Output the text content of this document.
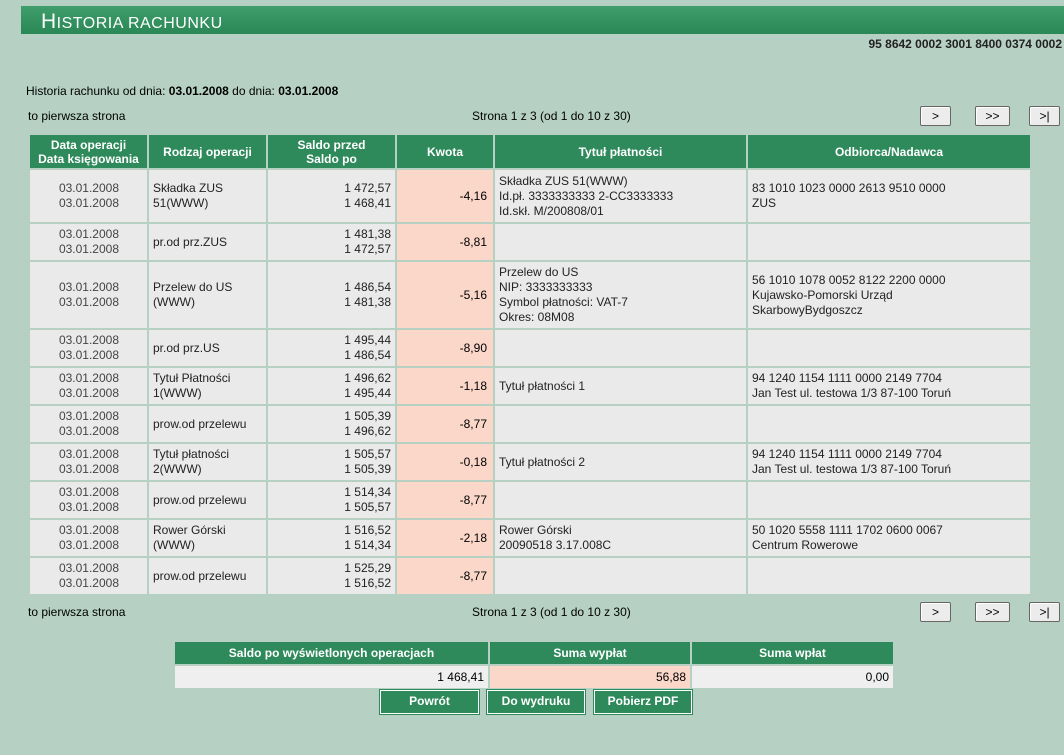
HISTORIA RACHUNKU
95 8642 0002 3001 8400 0374 0002
Historia rachunku od dnia: 03.01.2008 do dnia: 03.01.2008
to pierwsza strona	Strona 1 z 3 (od 1 do 10 z 30)	>	>>	>|
Data operacji
Data księgowania	Rodzaj operacji	Saldo przed
Saldo po	Kwota	Tytuł płatności	Odbiorca/Nadawca

03.01.2008
03.01.2008	Składka ZUS
51(WWW)	1 472,57
1 468,41	-4,16	Składka ZUS 51(WWW)
Id.pł. 3333333333 2-CC3333333
Id.skł. M/200808/01	83 1010 1023 0000 2613 9510 0000
ZUS

03.01.2008
03.01.2008	pr.od prz.ZUS	1 481,38
1 472,57	-8,81		

03.01.2008
03.01.2008	Przelew do US
(WWW)	1 486,54
1 481,38	-5,16	Przelew do US
NIP: 3333333333
Symbol płatności: VAT-7
Okres: 08M08	56 1010 1078 0052 8122 2200 0000
Kujawsko-Pomorski Urząd
SkarbowyBydgoszcz

03.01.2008
03.01.2008	pr.od prz.US	1 495,44
1 486,54	-8,90		

03.01.2008
03.01.2008	Tytuł Płatności
1(WWW)	1 496,62
1 495,44	-1,18	Tytuł płatności 1	94 1240 1154 1111 0000 2149 7704
Jan Test ul. testowa 1/3 87-100 Toruń

03.01.2008
03.01.2008	prow.od przelewu	1 505,39
1 496,62	-8,77		

03.01.2008
03.01.2008	Tytuł płatności
2(WWW)	1 505,57
1 505,39	-0,18	Tytuł płatności 2	94 1240 1154 1111 0000 2149 7704
Jan Test ul. testowa 1/3 87-100 Toruń

03.01.2008
03.01.2008	prow.od przelewu	1 514,34
1 505,57	-8,77		

03.01.2008
03.01.2008	Rower Górski
(WWW)	1 516,52
1 514,34	-2,18	Rower Górski
20090518 3.17.008C	50 1020 5558 1111 1702 0600 0067
Centrum Rowerowe

03.01.2008
03.01.2008	prow.od przelewu	1 525,29
1 516,52	-8,77		

to pierwsza strona	Strona 1 z 3 (od 1 do 10 z 30)	>	>>	>|
Saldo po wyświetlonych operacjach	Suma wypłat	Suma wpłat
1 468,41	56,88	0,00
Powrót	Do wydruku	Pobierz PDF
